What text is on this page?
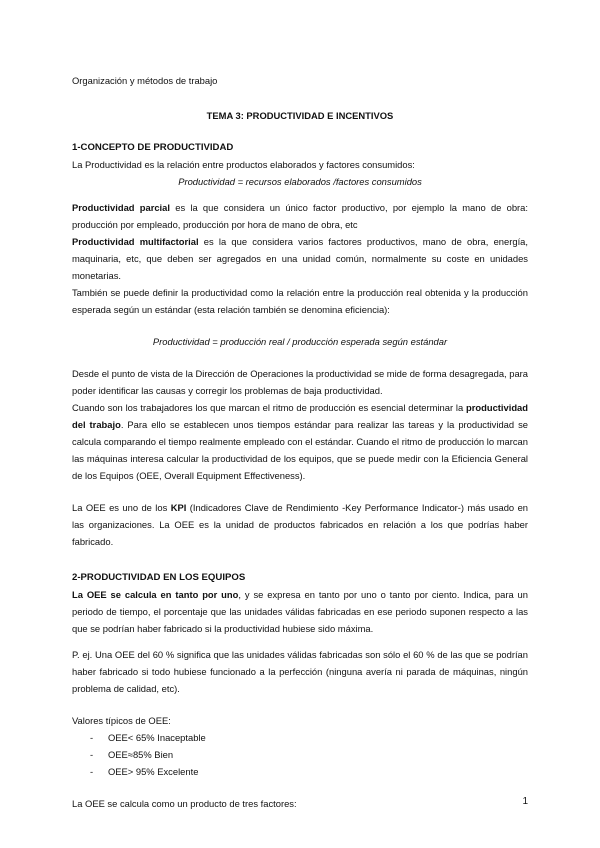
Organización y métodos de trabajo

TEMA 3: PRODUCTIVIDAD E INCENTIVOS

1-CONCEPTO DE PRODUCTIVIDAD

La Productividad es la relación entre productos elaborados y factores consumidos:

Productividad = recursos elaborados /factores consumidos

Productividad parcial es la que considera un único factor productivo, por ejemplo la mano de obra: producción por empleado, producción por hora de mano de obra, etc

Productividad multifactorial es la que considera varios factores productivos, mano de obra, energía, maquinaria, etc, que deben ser agregados en una unidad común, normalmente su coste en unidades monetarias.

También se puede definir la productividad como la relación entre la producción real obtenida y la producción esperada según un estándar (esta relación también se denomina eficiencia):

Productividad = producción real / producción esperada según estándar

Desde el punto de vista de la Dirección de Operaciones la productividad se mide de forma desagregada, para poder identificar las causas y corregir los problemas de baja productividad.

Cuando son los trabajadores los que marcan el ritmo de producción es esencial determinar la productividad del trabajo. Para ello se establecen unos tiempos estándar para realizar las tareas y la productividad se calcula comparando el tiempo realmente empleado con el estándar. Cuando el ritmo de producción lo marcan las máquinas interesa calcular la productividad de los equipos, que se puede medir con la Eficiencia General de los Equipos (OEE, Overall Equipment Effectiveness).

La OEE es uno de los KPI (Indicadores Clave de Rendimiento -Key Performance Indicator-) más usado en las organizaciones. La OEE es la unidad de productos fabricados en relación a los que podrías haber fabricado.

2-PRODUCTIVIDAD EN LOS EQUIPOS

La OEE se calcula en tanto por uno, y se expresa en tanto por uno o tanto por ciento. Indica, para un periodo de tiempo, el porcentaje que las unidades válidas fabricadas en ese periodo suponen respecto a las que se podrían haber fabricado si la productividad hubiese sido máxima.

P. ej. Una OEE del 60 % significa que las unidades válidas fabricadas son sólo el 60 % de las que se podrían haber fabricado si todo hubiese funcionado a la perfección (ninguna avería ni parada de máquinas, ningún problema de calidad, etc).

Valores típicos de OEE:

- OEE< 65% Inaceptable
- OEE≈85% Bien
- OEE> 95% Excelente

La OEE se calcula como un producto de tres factores:	1
